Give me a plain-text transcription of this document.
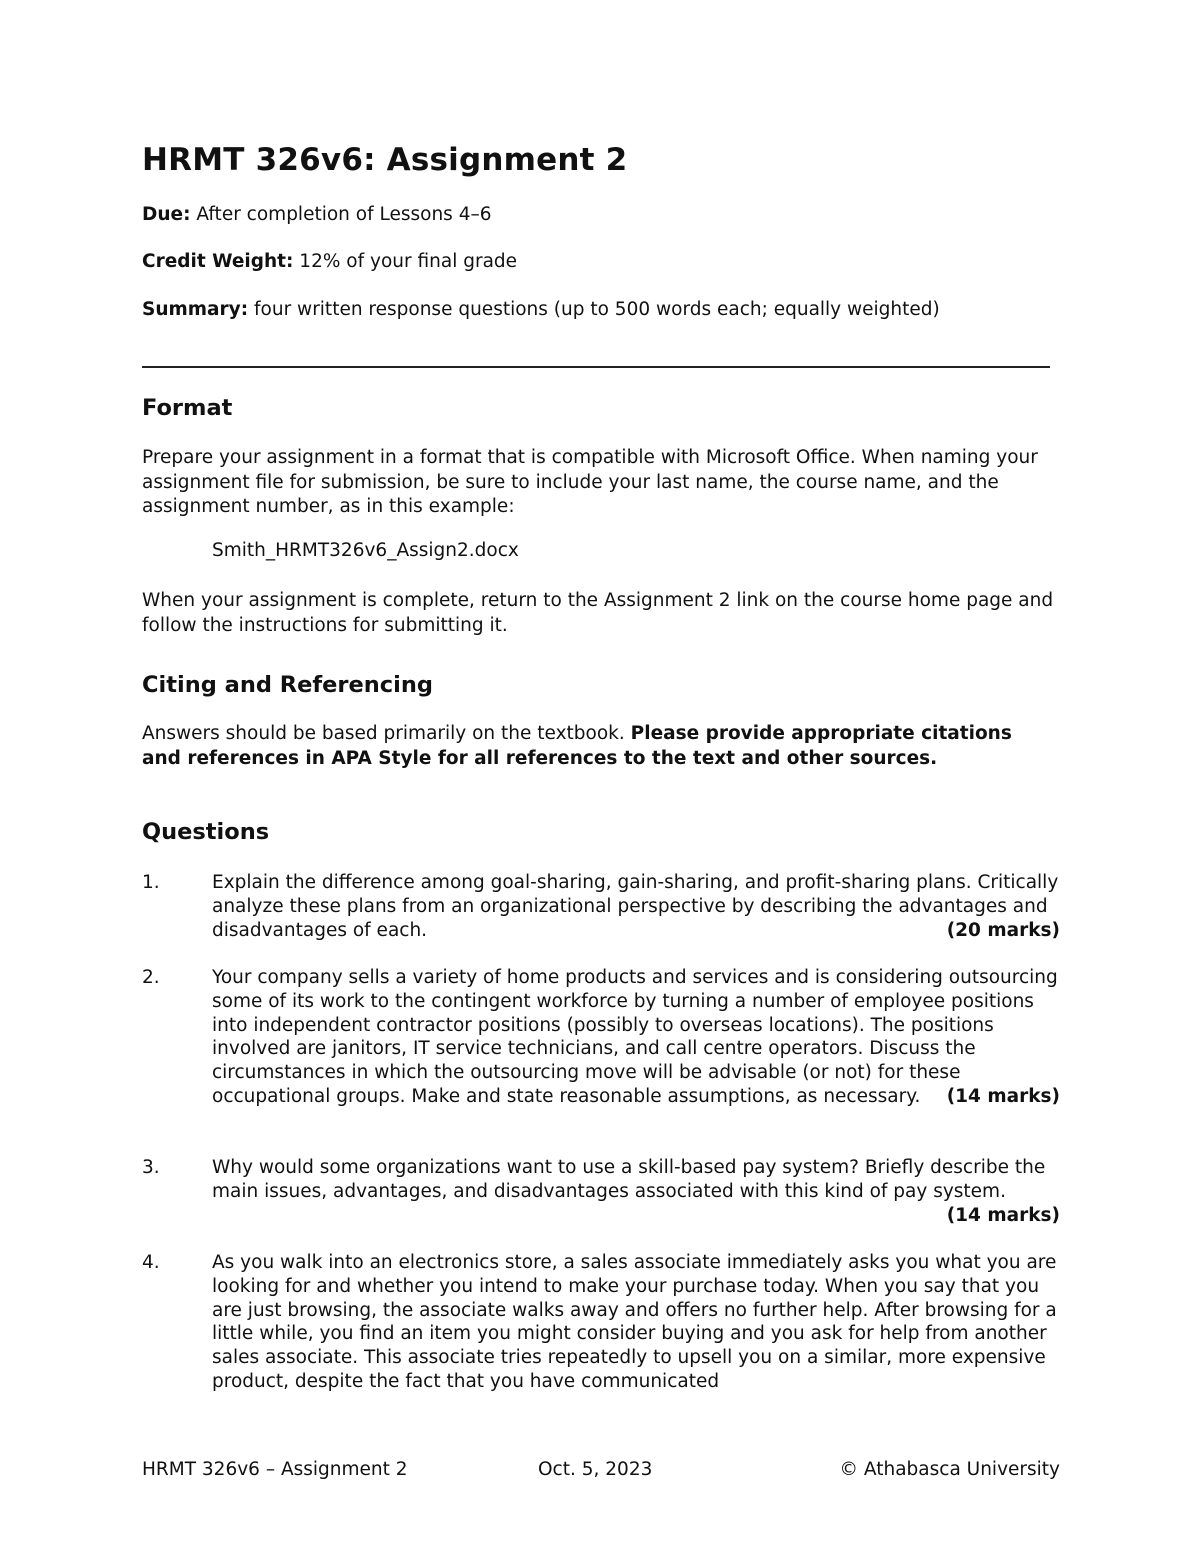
HRMT 326v6: Assignment 2

Due: After completion of Lessons 4–6

Credit Weight: 12% of your final grade

Summary: four written response questions (up to 500 words each; equally weighted)

Format

Prepare your assignment in a format that is compatible with Microsoft Office. When naming your assignment file for submission, be sure to include your last name, the course name, and the assignment number, as in this example:

Smith_HRMT326v6_Assign2.docx

When your assignment is complete, return to the Assignment 2 link on the course home page and follow the instructions for submitting it.

Citing and Referencing

Answers should be based primarily on the textbook. Please provide appropriate citations and references in APA Style for all references to the text and other sources.

Questions
1.	Explain the difference among goal-sharing, gain-sharing, and profit-sharing plans. Critically analyze these plans from an organizational perspective by describing the advantages and disadvantages of each.	(20 marks)
2.	Your company sells a variety of home products and services and is considering outsourcing some of its work to the contingent workforce by turning a number of employee positions into independent contractor positions (possibly to overseas locations). The positions involved are janitors, IT service technicians, and call centre operators. Discuss the circumstances in which the outsourcing move will be advisable (or not) for these occupational groups. Make and state reasonable assumptions, as necessary. (14 marks)
3.	Why would some organizations want to use a skill-based pay system? Briefly describe the main issues, advantages, and disadvantages associated with this kind of pay system.
(14 marks)
4.	As you walk into an electronics store, a sales associate immediately asks you what you are looking for and whether you intend to make your purchase today. When you say that you are just browsing, the associate walks away and offers no further help. After browsing for a little while, you find an item you might consider buying and you ask for help from another sales associate. This associate tries repeatedly to upsell you on a similar, more expensive product, despite the fact that you have communicated
HRMT 326v6 – Assignment 2	Oct. 5, 2023	© Athabasca University
